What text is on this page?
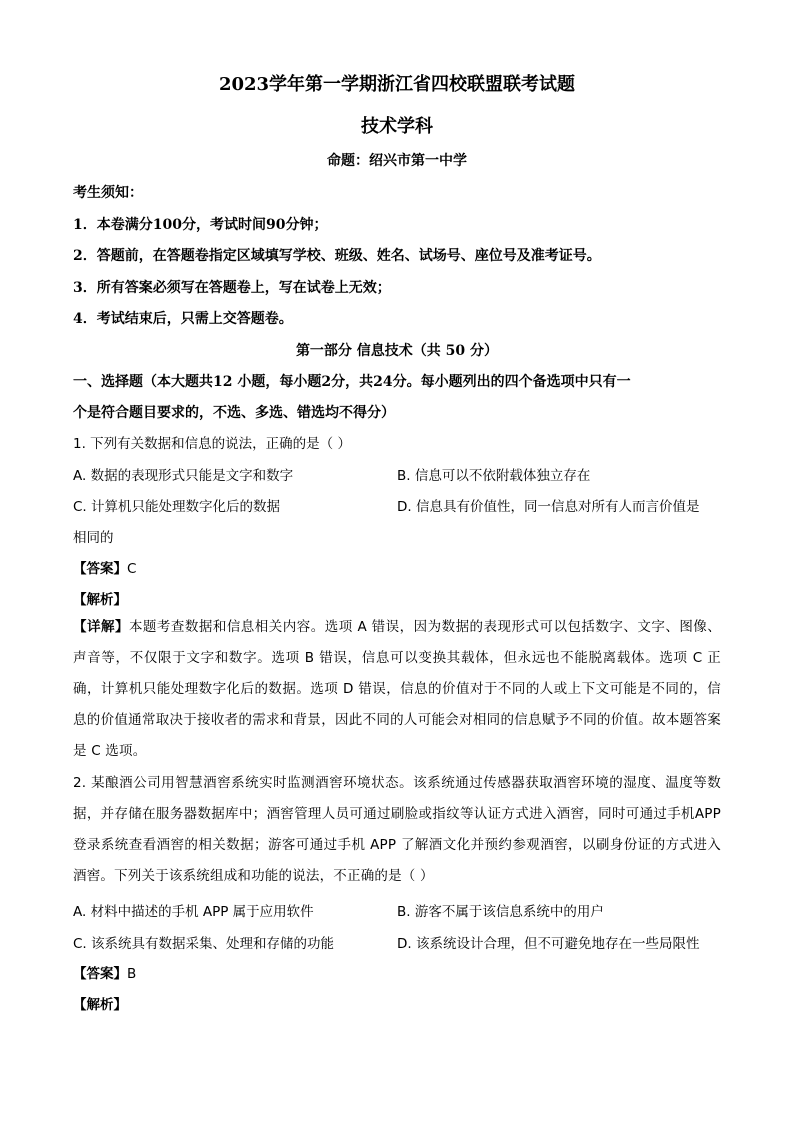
2023学年第一学期浙江省四校联盟联考试题
技术学科
命题：绍兴市第一中学
考生须知：
1．本卷满分100分，考试时间90分钟；
2．答题前，在答题卷指定区域填写学校、班级、姓名、试场号、座位号及准考证号。
3．所有答案必须写在答题卷上，写在试卷上无效；
4．考试结束后，只需上交答题卷。
第一部分 信息技术（共 50 分）
一、选择题（本大题共12 小题，每小题2分，共24分。每小题列出的四个备选项中只有一
个是符合题目要求的，不选、多选、错选均不得分）
1. 下列有关数据和信息的说法，正确的是（ ）
A. 数据的表现形式只能是文字和数字	B. 信息可以不依附载体独立存在
C. 计算机只能处理数字化后的数据	D. 信息具有价值性，同一信息对所有人而言价值是
相同的
【答案】C
【解析】
【详解】本题考查数据和信息相关内容。选项 A 错误，因为数据的表现形式可以包括数字、文字、图像、声音等，不仅限于文字和数字。选项 B 错误，信息可以变换其载体，但永远也不能脱离载体。选项 C 正确，计算机只能处理数字化后的数据。选项 D 错误，信息的价值对于不同的人或上下文可能是不同的，信息的价值通常取决于接收者的需求和背景，因此不同的人可能会对相同的信息赋予不同的价值。故本题答案是 C 选项。
2. 某酿酒公司用智慧酒窖系统实时监测酒窖环境状态。该系统通过传感器获取酒窖环境的湿度、温度等数据，并存储在服务器数据库中；酒窖管理人员可通过刷脸或指纹等认证方式进入酒窖，同时可通过手机APP 登录系统查看酒窖的相关数据；游客可通过手机 APP 了解酒文化并预约参观酒窖，以刷身份证的方式进入酒窖。下列关于该系统组成和功能的说法，不正确的是（ ）
A. 材料中描述的手机 APP 属于应用软件	B. 游客不属于该信息系统中的用户
C. 该系统具有数据采集、处理和存储的功能	D. 该系统设计合理，但不可避免地存在一些局限性
【答案】B
【解析】
